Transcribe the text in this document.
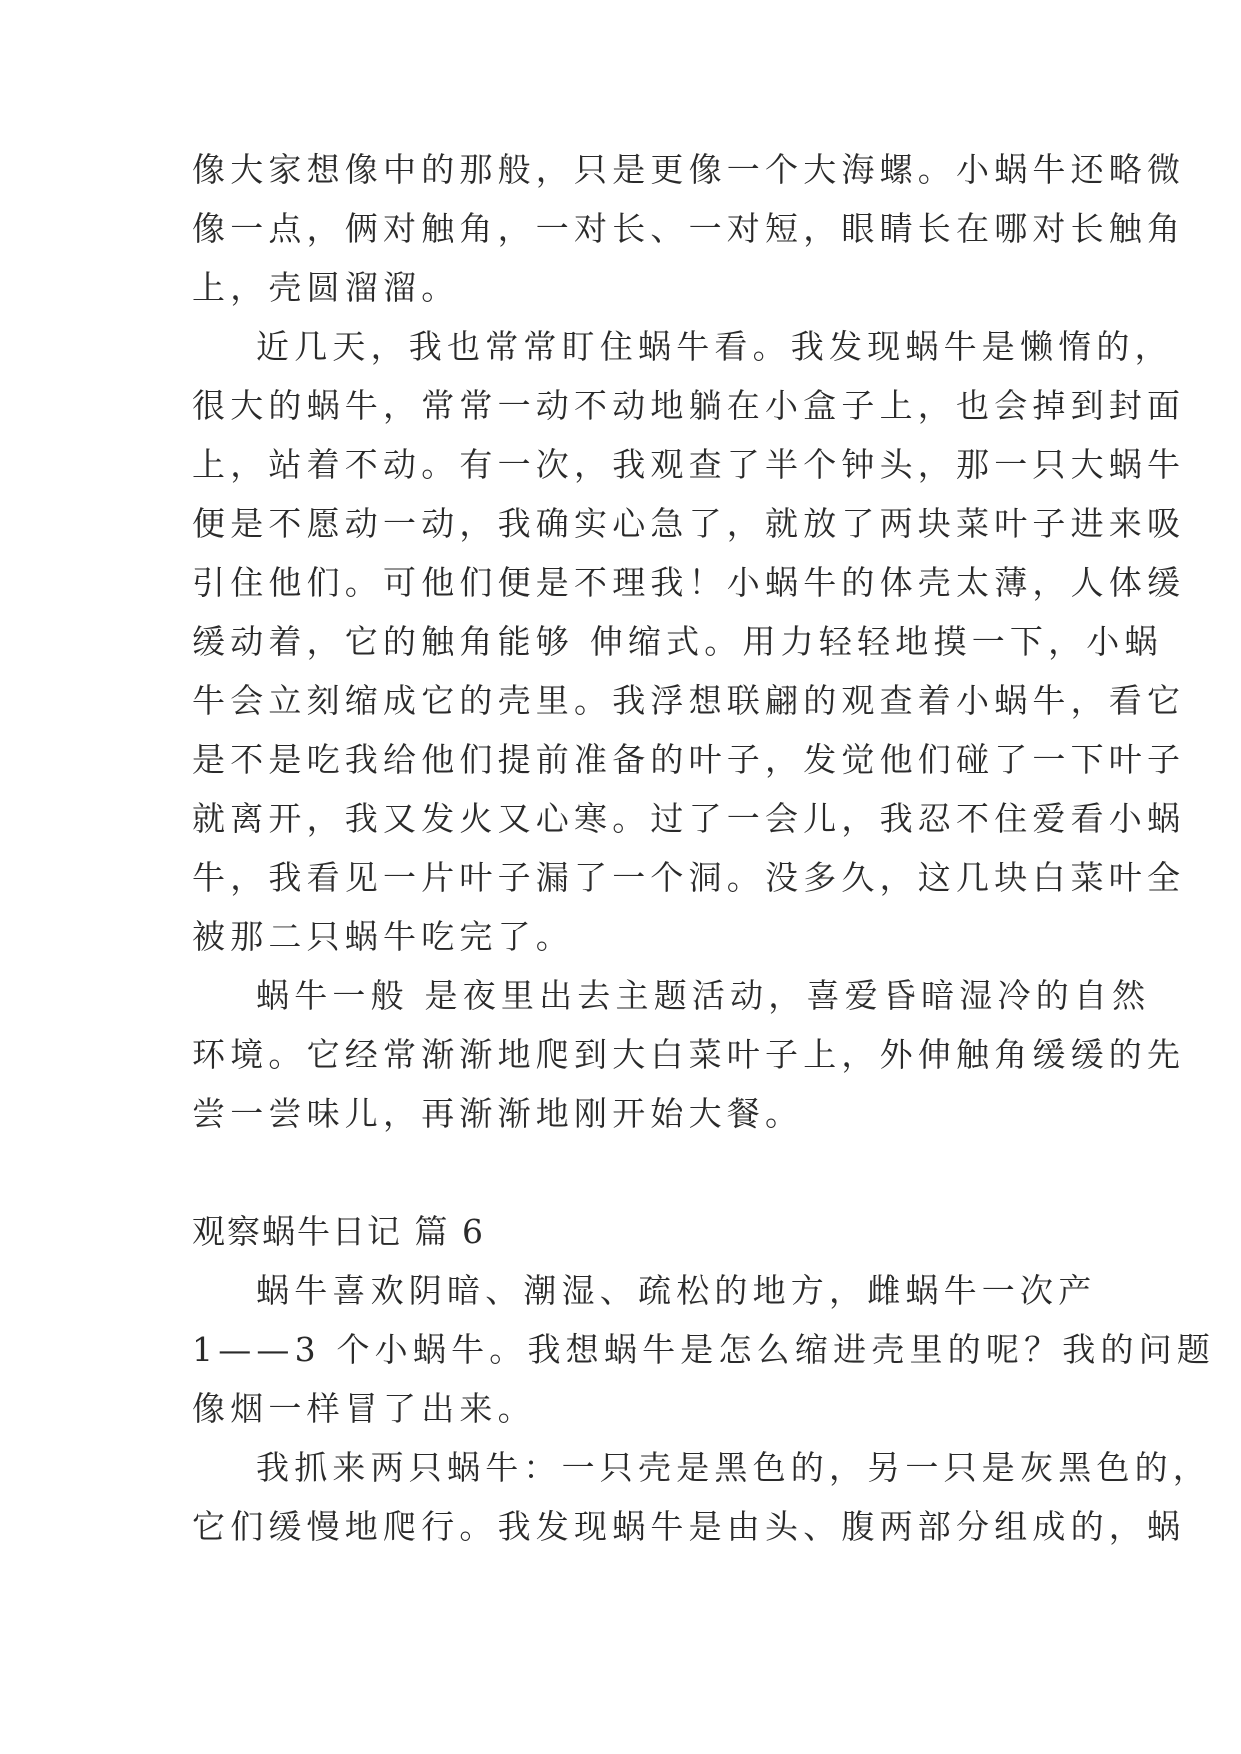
像大家想像中的那般，只是更像一个大海螺。小蜗牛还略微
像一点，俩对触角，一对长、一对短，眼睛长在哪对长触角
上，壳圆溜溜。
近几天，我也常常盯住蜗牛看。我发现蜗牛是懒惰的，
很大的蜗牛，常常一动不动地躺在小盒子上，也会掉到封面
上，站着不动。有一次，我观查了半个钟头，那一只大蜗牛
便是不愿动一动，我确实心急了，就放了两块菜叶子进来吸
引住他们。可他们便是不理我！小蜗牛的体壳太薄，人体缓
缓动着，它的触角能够 伸缩式。用力轻轻地摸一下，小蜗
牛会立刻缩成它的壳里。我浮想联翩的观查着小蜗牛，看它
是不是吃我给他们提前准备的叶子，发觉他们碰了一下叶子
就离开，我又发火又心寒。过了一会儿，我忍不住爱看小蜗
牛，我看见一片叶子漏了一个洞。没多久，这几块白菜叶全
被那二只蜗牛吃完了。
蜗牛一般 是夜里出去主题活动，喜爱昏暗湿冷的自然
环境。它经常渐渐地爬到大白菜叶子上，外伸触角缓缓的先
尝一尝味儿，再渐渐地刚开始大餐。
观察蜗牛日记 篇 6
蜗牛喜欢阴暗、潮湿、疏松的地方，雌蜗牛一次产
1——3 个小蜗牛。我想蜗牛是怎么缩进壳里的呢？我的问题
像烟一样冒了出来。
我抓来两只蜗牛：一只壳是黑色的，另一只是灰黑色的，
它们缓慢地爬行。我发现蜗牛是由头、腹两部分组成的，蜗
